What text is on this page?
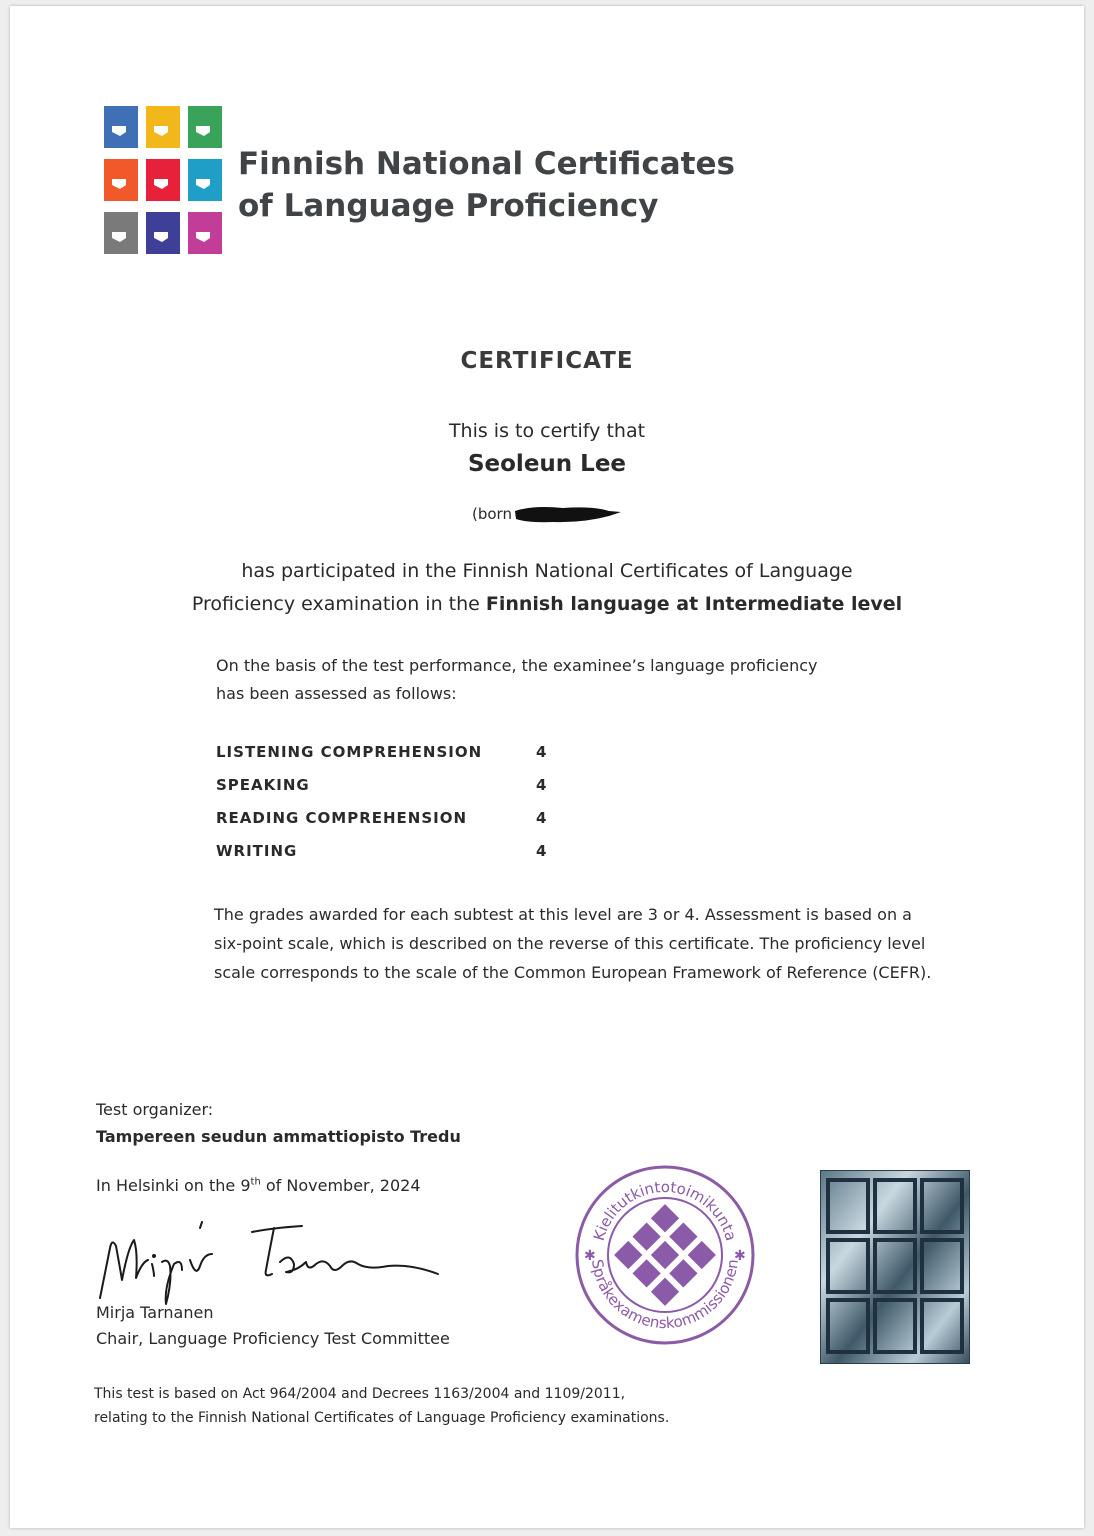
Finnish National Certificates
of Language Proficiency
CERTIFICATE
This is to certify that
Seoleun Lee
(born
has participated in the Finnish National Certificates of Language
Proficiency examination in the Finnish language at Intermediate level
On the basis of the test performance, the examinee’s language proficiency
has been assessed as follows:
LISTENING COMPREHENSION	4
SPEAKING	4
READING COMPREHENSION	4
WRITING	4
The grades awarded for each subtest at this level are 3 or 4. Assessment is based on a
six-point scale, which is described on the reverse of this certificate. The proficiency level
scale corresponds to the scale of the Common European Framework of Reference (CEFR).
Test organizer:
Tampereen seudun ammattiopisto Tredu
In Helsinki on the 9th of November, 2024
Mirja Tarnanen
Chair, Language Proficiency Test Committee
This test is based on Act 964/2004 and Decrees 1163/2004 and 1109/2011,
relating to the Finnish National Certificates of Language Proficiency examinations.
Kielitutkintotoimikunta
Språkexamenskommissionen
✱	✱
